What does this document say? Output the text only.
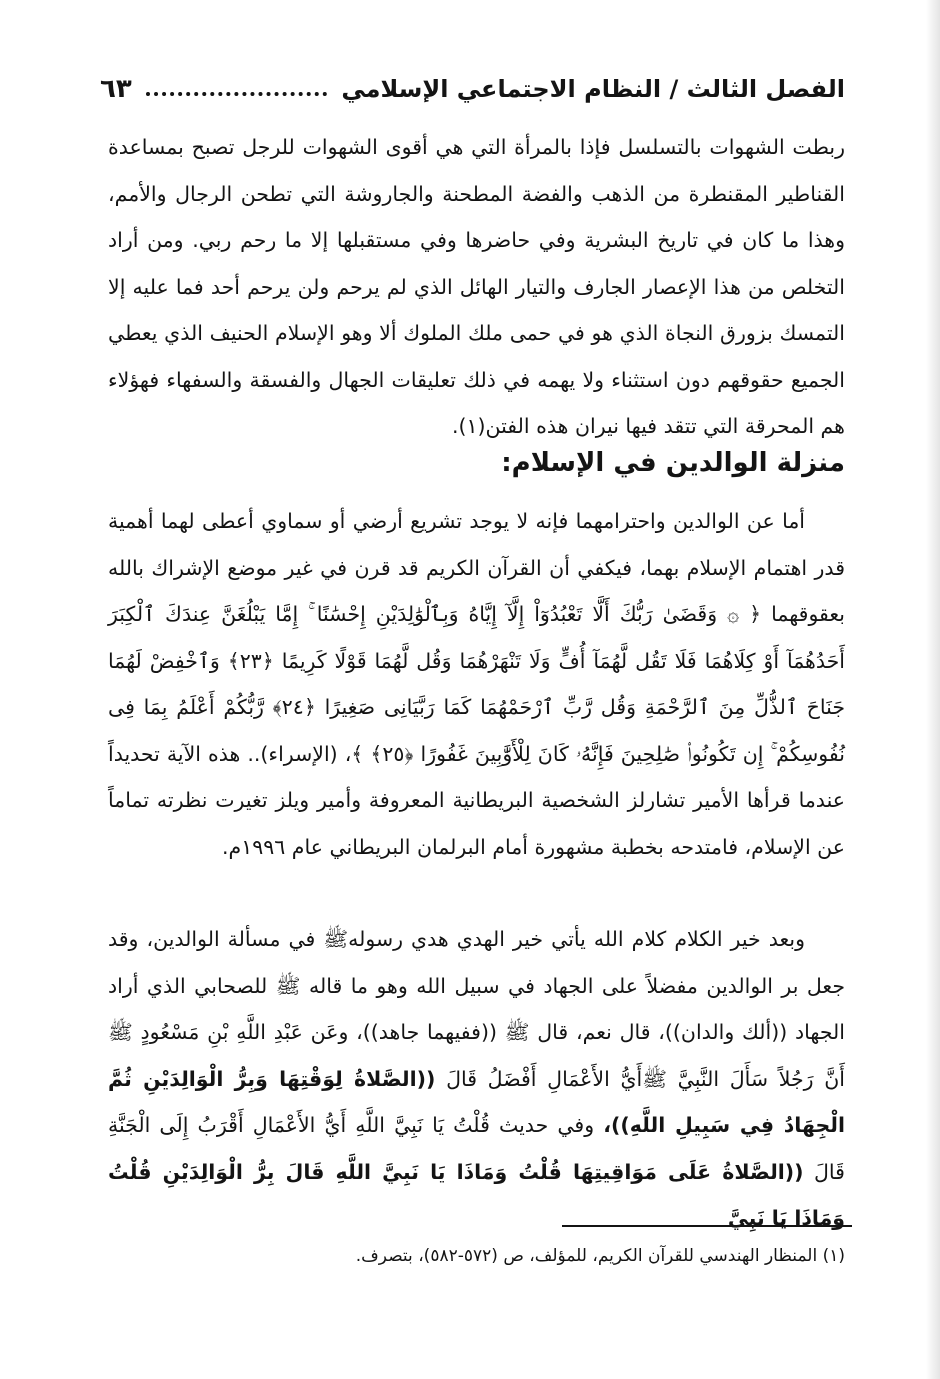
الفصل الثالث / النظام الاجتماعي الإسلامي
٦٣

ربطت الشهوات بالتسلسل فإذا بالمرأة التي هي أقوى الشهوات للرجل تصبح بمساعدة القناطير المقنطرة من الذهب والفضة المطحنة والجاروشة التي تطحن الرجال والأمم، وهذا ما كان في تاريخ البشرية وفي حاضرها وفي مستقبلها إلا ما رحم ربي. ومن أراد التخلص من هذا الإعصار الجارف والتيار الهائل الذي لم يرحم ولن يرحم أحد فما عليه إلا التمسك بزورق النجاة الذي هو في حمى ملك الملوك ألا وهو الإسلام الحنيف الذي يعطي الجميع حقوقهم دون استثناء ولا يهمه في ذلك تعليقات الجهال والفسقة والسفهاء فهؤلاء هم المحرقة التي تتقد فيها نيران هذه الفتن(١).

منزلة الوالدين في الإسلام:

أما عن الوالدين واحترامهما فإنه لا يوجد تشريع أرضي أو سماوي أعطى لهما أهمية قدر اهتمام الإسلام بهما، فيكفي أن القرآن الكريم قد قرن في غير موضع الإشراك بالله بعقوقهما ﴿ ۞ وَقَضَىٰ رَبُّكَ أَلَّا تَعْبُدُوٓاْ إِلَّآ إِيَّاهُ وَبِٱلْوَٰلِدَيْنِ إِحْسَٰنًا ۚ إِمَّا يَبْلُغَنَّ عِندَكَ ٱلْكِبَرَ أَحَدُهُمَآ أَوْ كِلَاهُمَا فَلَا تَقُل لَّهُمَآ أُفٍّ وَلَا تَنْهَرْهُمَا وَقُل لَّهُمَا قَوْلًا كَرِيمًا ﴿٢٣﴾ وَٱخْفِضْ لَهُمَا جَنَاحَ ٱلذُّلِّ مِنَ ٱلرَّحْمَةِ وَقُل رَّبِّ ٱرْحَمْهُمَا كَمَا رَبَّيَانِى صَغِيرًا ﴿٢٤﴾ رَّبُّكُمْ أَعْلَمُ بِمَا فِى نُفُوسِكُمْ ۚ إِن تَكُونُوا۟ صَٰلِحِينَ فَإِنَّهُۥ كَانَ لِلْأَوَّٰبِينَ غَفُورًا ﴿٢٥﴾ ﴾، (الإسراء).. هذه الآية تحديداً عندما قرأها الأمير تشارلز الشخصية البريطانية المعروفة وأمير ويلز تغيرت نظرته تماماً عن الإسلام، فامتدحه بخطبة مشهورة أمام البرلمان البريطاني عام ١٩٩٦م.

وبعد خير الكلام كلام الله يأتي خير الهدي هدي رسولهﷺ في مسألة الوالدين، وقد جعل بر الوالدين مفضلاً على الجهاد في سبيل الله وهو ما قاله ﷺ للصحابي الذي أراد الجهاد ((ألك والدان))، قال نعم، قال ﷺ ((ففيهما جاهد))، وعَن عَبْدِ اللَّهِ بْنِ مَسْعُودٍ ﷺ أَنَّ رَجُلاً سَأَلَ النَّبِيَّ ﷺأَيُّ الأَعْمَالِ أَفْضَلُ قَالَ ((الصَّلاةُ لِوَقْتِهَا وَبِرُّ الْوَالِدَيْنِ ثُمَّ الْجِهَادُ فِي سَبِيلِ اللَّهِ))، وفي حديث قُلْتُ يَا نَبِيَّ اللَّهِ أَيُّ الأَعْمَالِ أَقْرَبُ إِلَى الْجَنَّةِ قَالَ ((الصَّلاةُ عَلَى مَوَاقِيتِهَا قُلْتُ وَمَاذَا يَا نَبِيَّ اللَّهِ قَالَ بِرُّ الْوَالِدَيْنِ قُلْتُ وَمَاذَا يَا نَبِيَّ

(١) المنظار الهندسي للقرآن الكريم، للمؤلف، ص (٥٧٢-٥٨٢)، بتصرف.
